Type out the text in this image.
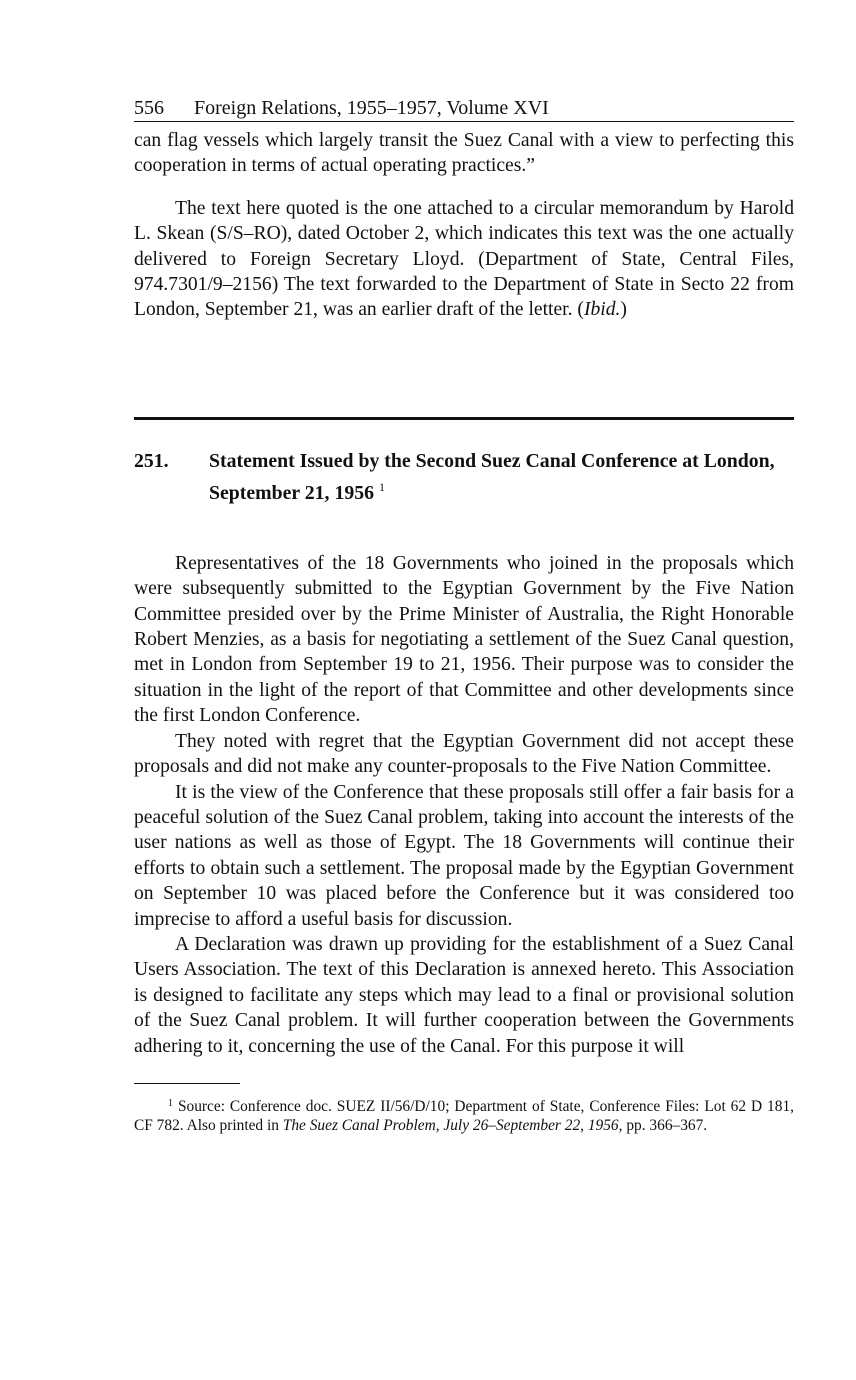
556 Foreign Relations, 1955–1957, Volume XVI

can flag vessels which largely transit the Suez Canal with a view to perfecting this cooperation in terms of actual operating practices.”

The text here quoted is the one attached to a circular memorandum by Harold L. Skean (S/S–RO), dated October 2, which indicates this text was the one actually delivered to Foreign Secretary Lloyd. (Department of State, Central Files, 974.7301/9–2156) The text forwarded to the Department of State in Secto 22 from London, September 21, was an earlier draft of the letter. (Ibid.)

251.	Statement Issued by the Second Suez Canal Conference at London, September 21, 1956 $^1$

Representatives of the 18 Governments who joined in the proposals which were subsequently submitted to the Egyptian Government by the Five Nation Committee presided over by the Prime Minister of Australia, the Right Honorable Robert Menzies, as a basis for negotiating a settlement of the Suez Canal question, met in London from September 19 to 21, 1956. Their purpose was to consider the situation in the light of the report of that Committee and other developments since the first London Conference.

They noted with regret that the Egyptian Government did not accept these proposals and did not make any counter-proposals to the Five Nation Committee.

It is the view of the Conference that these proposals still offer a fair basis for a peaceful solution of the Suez Canal problem, taking into account the interests of the user nations as well as those of Egypt. The 18 Governments will continue their efforts to obtain such a settlement. The proposal made by the Egyptian Government on September 10 was placed before the Conference but it was considered too imprecise to afford a useful basis for discussion.

A Declaration was drawn up providing for the establishment of a Suez Canal Users Association. The text of this Declaration is annexed hereto. This Association is designed to facilitate any steps which may lead to a final or provisional solution of the Suez Canal problem. It will further cooperation between the Governments adhering to it, concerning the use of the Canal. For this purpose it will

$^1$ Source: Conference doc. SUEZ II/56/D/10; Department of State, Conference Files: Lot 62 D 181, CF 782. Also printed in The Suez Canal Problem, July 26–September 22, 1956, pp. 366–367.
